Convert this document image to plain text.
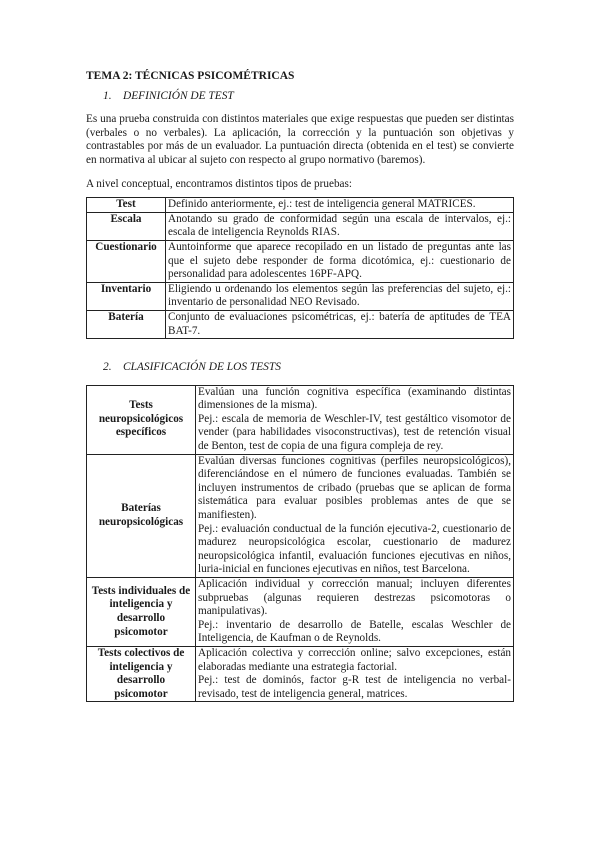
TEMA 2: TÉCNICAS PSICOMÉTRICAS
1. DEFINICIÓN DE TEST
Es una prueba construida con distintos materiales que exige respuestas que pueden ser distintas (verbales o no verbales). La aplicación, la corrección y la puntuación son objetivas y contrastables por más de un evaluador. La puntuación directa (obtenida en el test) se convierte en normativa al ubicar al sujeto con respecto al grupo normativo (baremos).
A nivel conceptual, encontramos distintos tipos de pruebas:
Test	Definido anteriormente, ej.: test de inteligencia general MATRICES.
Escala	Anotando su grado de conformidad según una escala de intervalos, ej.: escala de inteligencia Reynolds RIAS.
Cuestionario	Auntoinforme que aparece recopilado en un listado de preguntas ante las que el sujeto debe responder de forma dicotómica, ej.: cuestionario de personalidad para adolescentes 16PF-APQ.
Inventario	Eligiendo u ordenando los elementos según las preferencias del sujeto, ej.: inventario de personalidad NEO Revisado.
Batería	Conjunto de evaluaciones psicométricas, ej.: batería de aptitudes de TEA BAT-7.
2. CLASIFICACIÓN DE LOS TESTS
Tests neuropsicológicos específicos	Evalúan una función cognitiva específica (examinando distintas dimensiones de la misma).
Pej.: escala de memoria de Weschler-IV, test gestáltico visomotor de vender (para habilidades visoconstructivas), test de retención visual de Benton, test de copia de una figura compleja de rey.

Baterías neuropsicológicas	Evalúan diversas funciones cognitivas (perfiles neuropsicológicos), diferenciándose en el número de funciones evaluadas. También se incluyen instrumentos de cribado (pruebas que se aplican de forma sistemática para evaluar posibles problemas antes de que se manifiesten).
Pej.: evaluación conductual de la función ejecutiva-2, cuestionario de madurez neuropsicológica escolar, cuestionario de madurez neuropsicológica infantil, evaluación funciones ejecutivas en niños, luria-inicial en funciones ejecutivas en niños, test Barcelona.

Tests individuales de inteligencia y desarrollo psicomotor	Aplicación individual y corrección manual; incluyen diferentes subpruebas (algunas requieren destrezas psicomotoras o manipulativas).
Pej.: inventario de desarrollo de Batelle, escalas Weschler de Inteligencia, de Kaufman o de Reynolds.

Tests colectivos de inteligencia y desarrollo psicomotor	Aplicación colectiva y corrección online; salvo excepciones, están elaboradas mediante una estrategia factorial.
Pej.: test de dominós, factor g-R test de inteligencia no verbal-revisado, test de inteligencia general, matrices.
